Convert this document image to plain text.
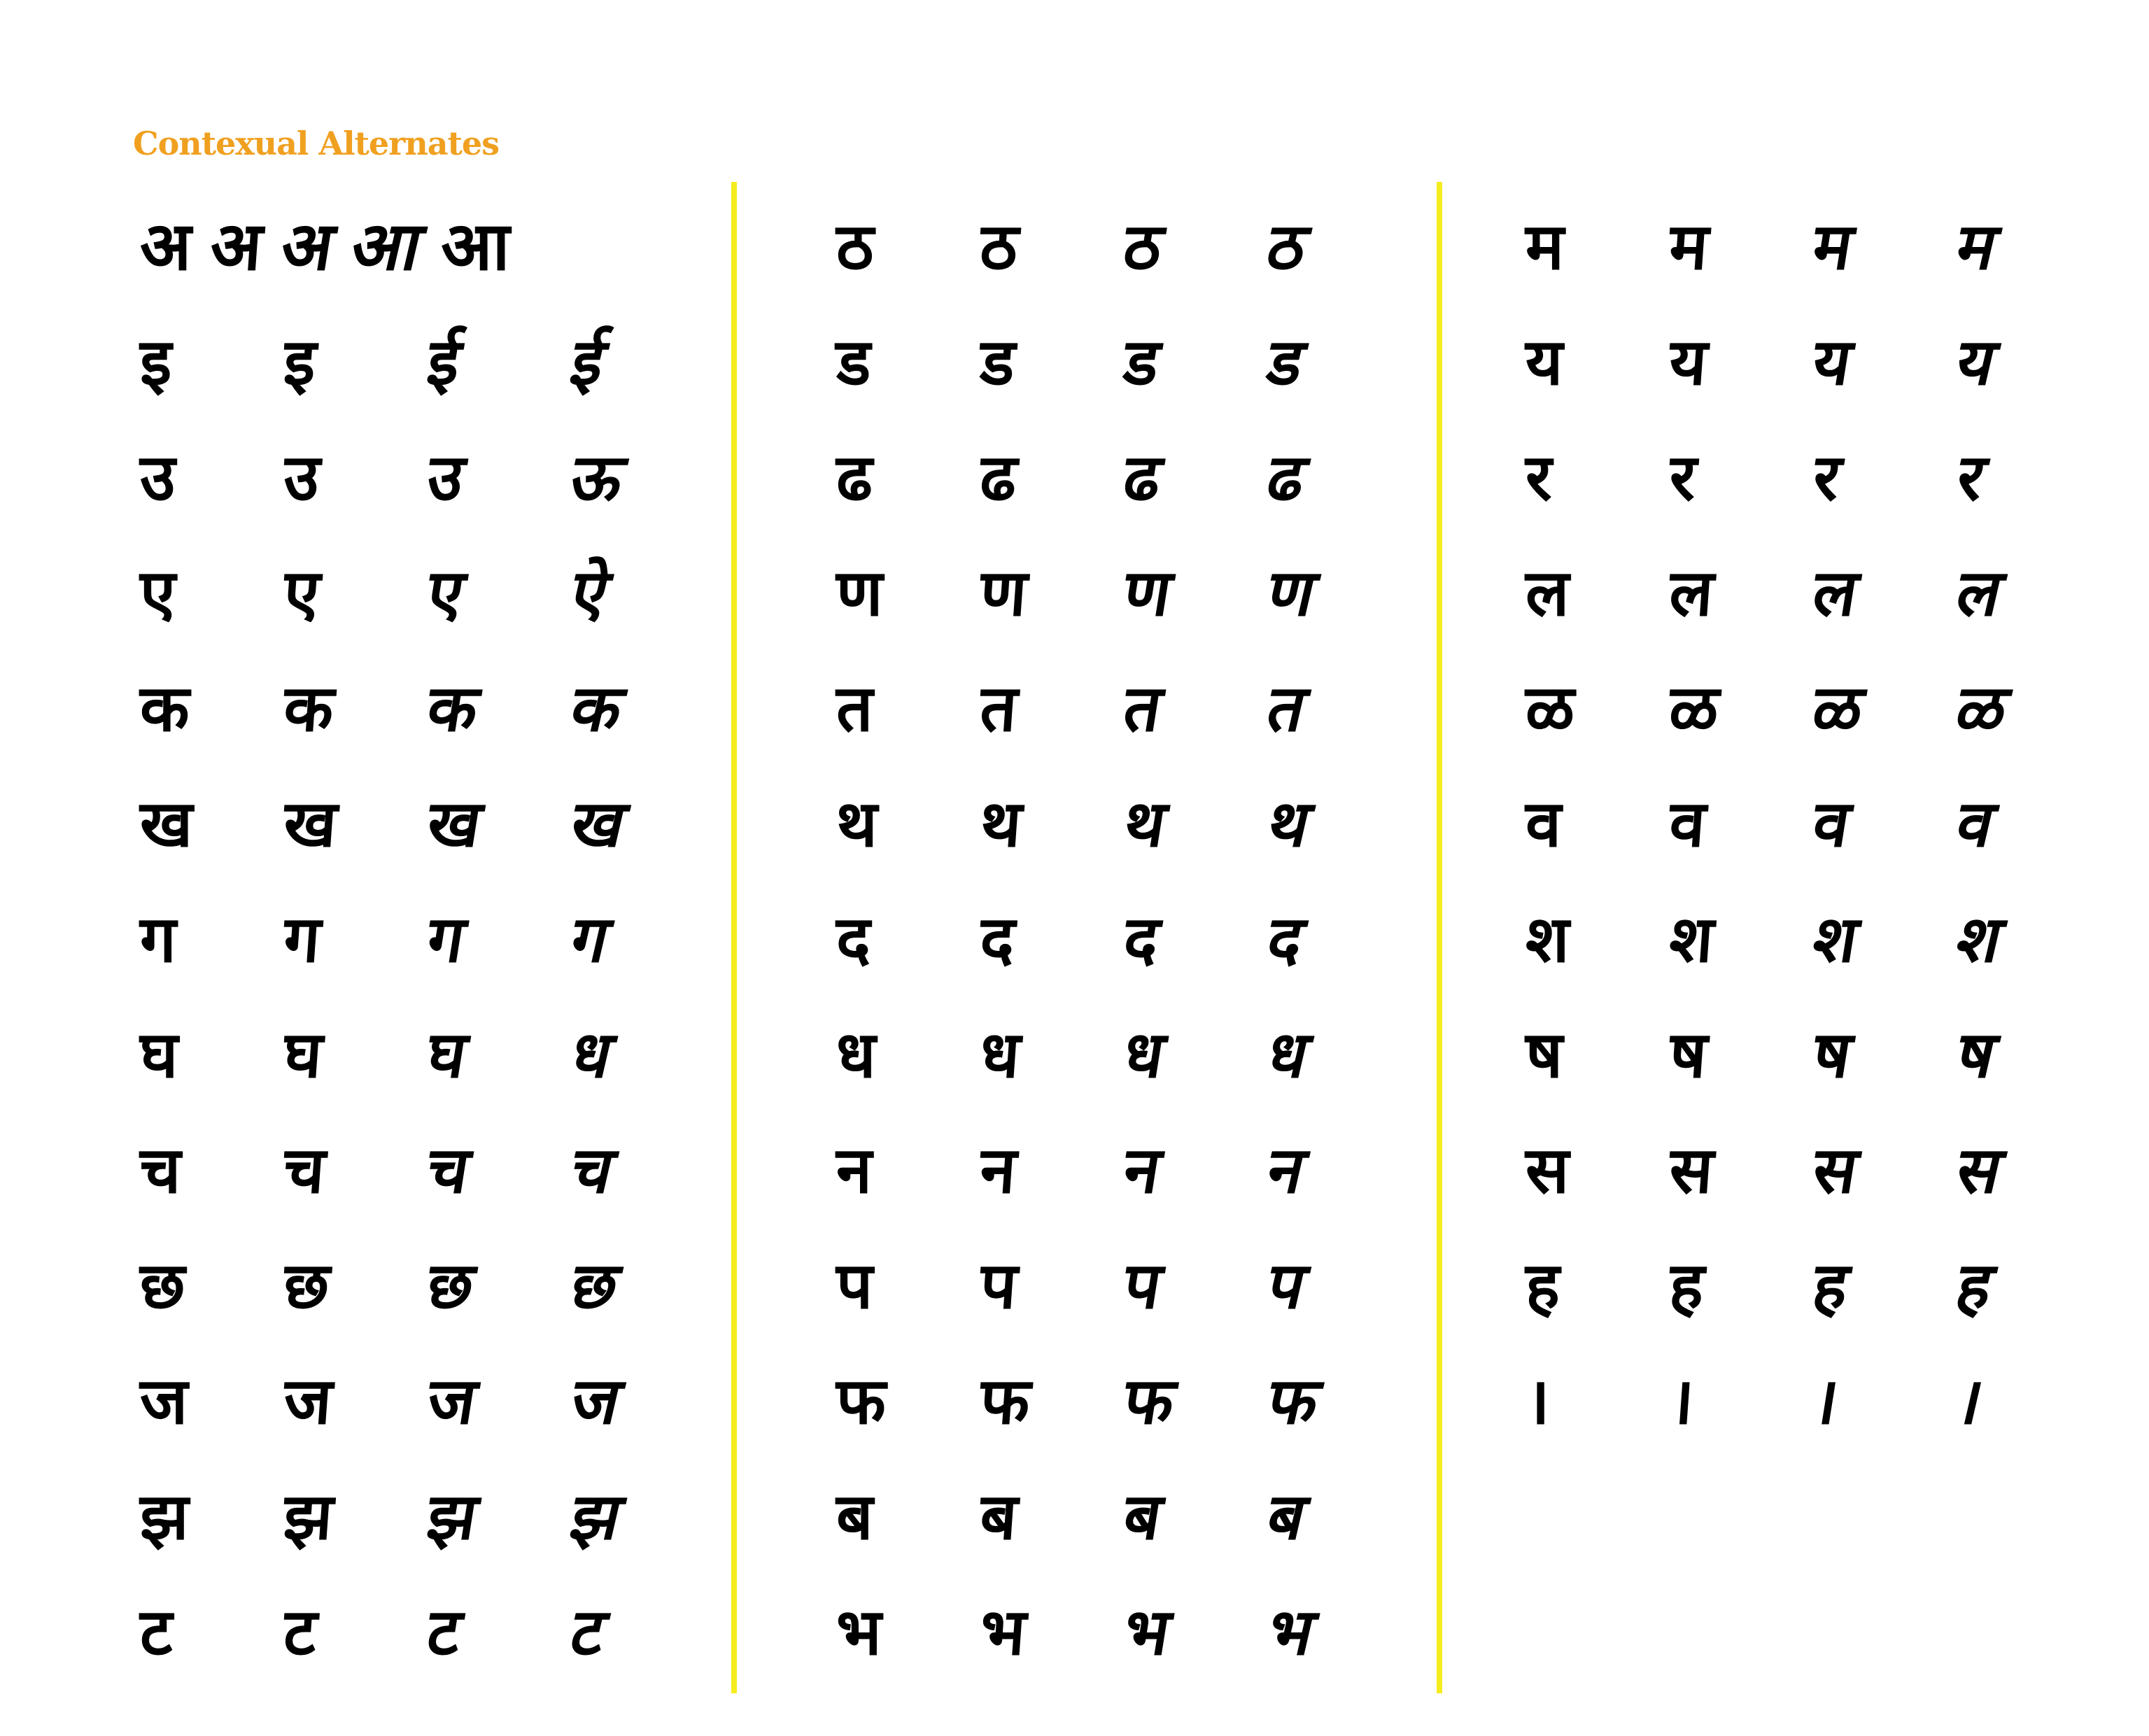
Contexual Alternates
अ अ अ आ आ
इ	इ	ई	ई
उ	उ	उ	ऊ
ए	ए	ए	ऐ
क	क	क	क
ख	ख	ख	ख
ग	ग	ग	ग
घ	घ	घ	ध
च	च	च	च
छ	छ	छ	छ
ज	ज	ज	ज
झ	झ	झ	झ
ट	ट	ट	ट
ठ	ठ	ठ	ठ
ड	ड	ड	ड
ढ	ढ	ढ	ढ
ण	ण	ण	ण
त	त	त	त
थ	थ	थ	थ
द	द	द	द
ध	ध	ध	ध
न	न	न	न
प	प	प	प
फ	फ	फ	फ
ब	ब	ब	ब
भ	भ	भ	भ
म	म	म	म
य	य	य	य
र	र	र	र
ल	ल	ल	ल
ळ	ळ	ळ	ळ
व	व	व	व
श	श	श	श
ष	ष	ष	ष
स	स	स	स
ह	ह	ह	ह
।	।	।	।
